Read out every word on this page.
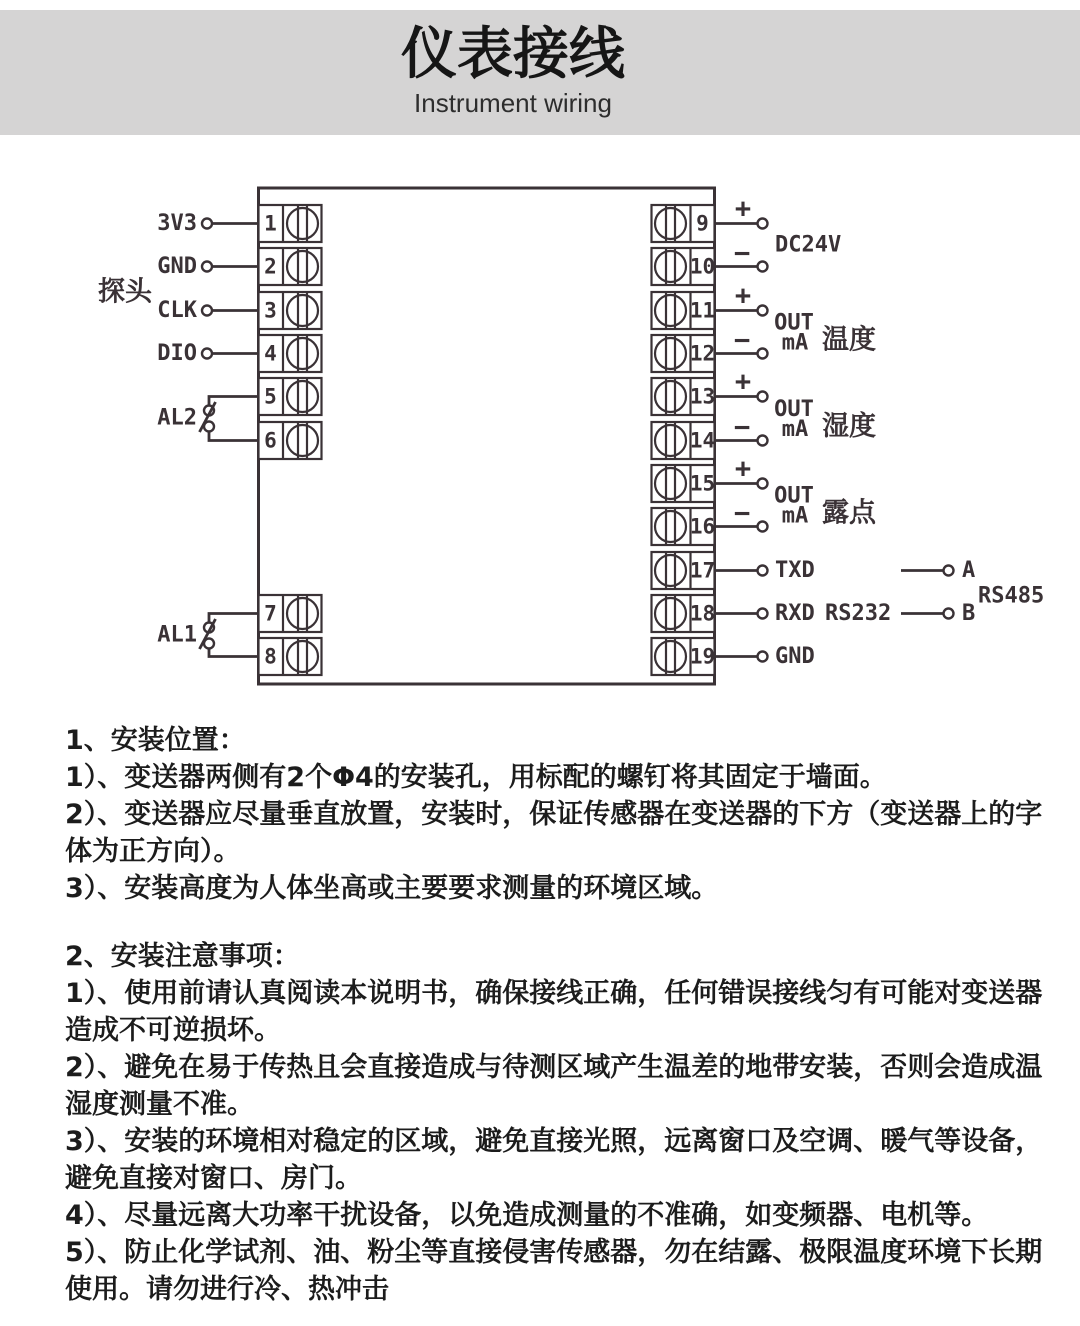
仪表接线
Instrument wiring
1
2
3
4
5
6
7
8
9
10
11
12
13
14
15
16
17
18
19
3V3
GND
CLK
DIO
探头
AL2
AL1
+
−
+
−
+
−
+
−
DC24V
OUT
mA 温度
OUT
mA 湿度
OUT
mA 露点
TXD
RXD RS232
GND
A
B
RS485

1、安装位置：

1）、变送器两侧有2个Φ4的安装孔，用标配的螺钉将其固定于墙面。

2）、变送器应尽量垂直放置，安装时，保证传感器在变送器的下方（变送器上的字体为正方向）。

3）、安装高度为人体坐高或主要要求测量的环境区域。

2、安装注意事项：

1）、使用前请认真阅读本说明书，确保接线正确，任何错误接线匀有可能对变送器造成不可逆损坏。

2）、避免在易于传热且会直接造成与待测区域产生温差的地带安装，否则会造成温湿度测量不准。

3）、安装的环境相对稳定的区域，避免直接光照，远离窗口及空调、暖气等设备，避免直接对窗口、房门。

4）、尽量远离大功率干扰设备，以免造成测量的不准确，如变频器、电机等。

5）、防止化学试剂、油、粉尘等直接侵害传感器，勿在结露、极限温度环境下长期使用。请勿进行冷、热冲击
